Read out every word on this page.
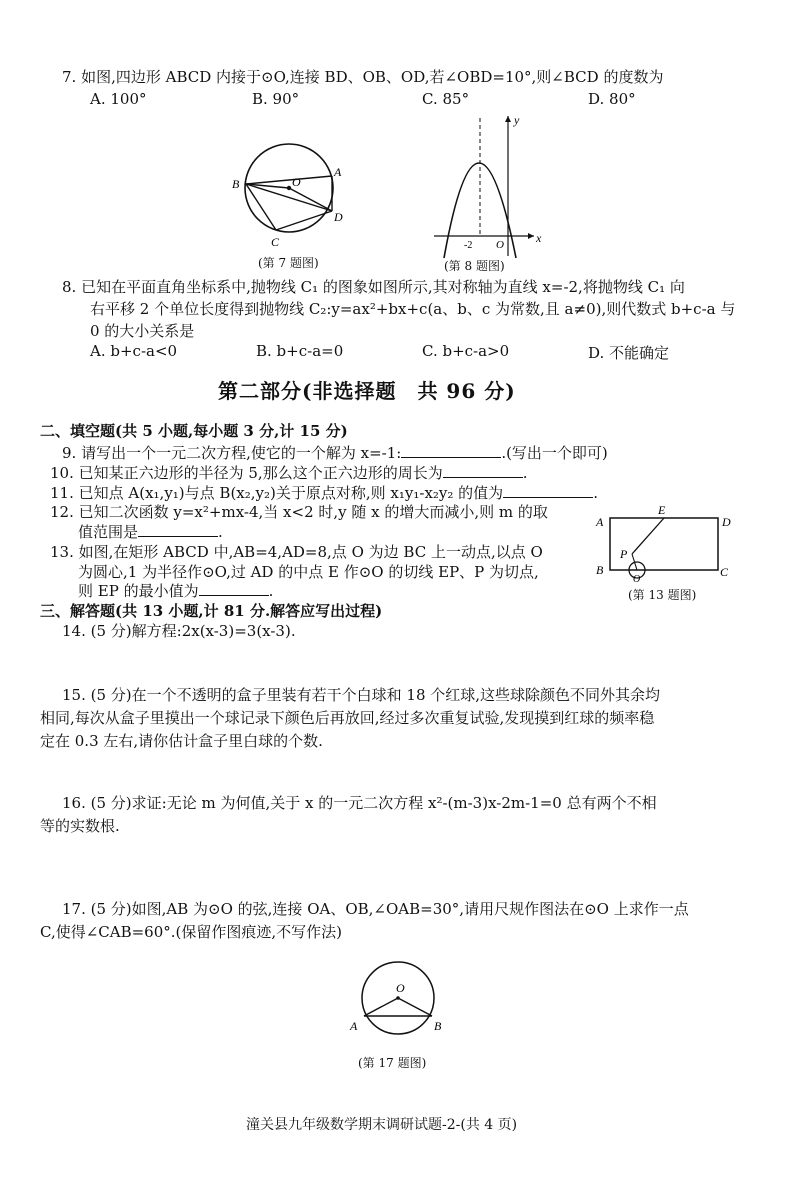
7. 如图,四边形 ABCD 内接于⊙O,连接 BD、OB、OD,若∠OBD=10°,则∠BCD 的度数为
A. 100°	B. 90°	C. 85°	D. 80°
A
B	O
D
C
(第 7 题图)
y
x
-2 O
(第 8 题图)
8. 已知在平面直角坐标系中,抛物线 C₁ 的图象如图所示,其对称轴为直线 x=-2,将抛物线 C₁ 向
右平移 2 个单位长度得到抛物线 C₂:y=ax²+bx+c(a、b、c 为常数,且 a≠0),则代数式 b+c-a 与
0 的大小关系是
A. b+c-a<0	B. b+c-a=0	C. b+c-a>0	D. 不能确定
第二部分(非选择题　共 96 分)
二、填空题(共 5 小题,每小题 3 分,计 15 分)
9. 请写出一个一元二次方程,使它的一个解为 x=-1:	.(写出一个即可)
10. 已知某正六边形的半径为 5,那么这个正六边形的周长为	.
11. 已知点 A(x₁,y₁)与点 B(x₂,y₂)关于原点对称,则 x₁y₁-x₂y₂ 的值为	.
12. 已知二次函数 y=x²+mx-4,当 x<2 时,y 随 x 的增大而减小,则 m 的取
值范围是	.
13. 如图,在矩形 ABCD 中,AB=4,AD=8,点 O 为边 BC 上一动点,以点 O
为圆心,1 为半径作⊙O,过 AD 的中点 E 作⊙O 的切线 EP、P 为切点,
则 EP 的最小值为	.
A
E
D
P
B
O
C
(第 13 题图)
三、解答题(共 13 小题,计 81 分.解答应写出过程)
14. (5 分)解方程:2x(x-3)=3(x-3).
15. (5 分)在一个不透明的盒子里装有若干个白球和 18 个红球,这些球除颜色不同外其余均
相同,每次从盒子里摸出一个球记录下颜色后再放回,经过多次重复试验,发现摸到红球的频率稳
定在 0.3 左右,请你估计盒子里白球的个数.
16. (5 分)求证:无论 m 为何值,关于 x 的一元二次方程 x²-(m-3)x-2m-1=0 总有两个不相
等的实数根.
17. (5 分)如图,AB 为⊙O 的弦,连接 OA、OB,∠OAB=30°,请用尺规作图法在⊙O 上求作一点
C,使得∠CAB=60°.(保留作图痕迹,不写作法)
O
A	B
(第 17 题图)
潼关县九年级数学期末调研试题-2-(共 4 页)
